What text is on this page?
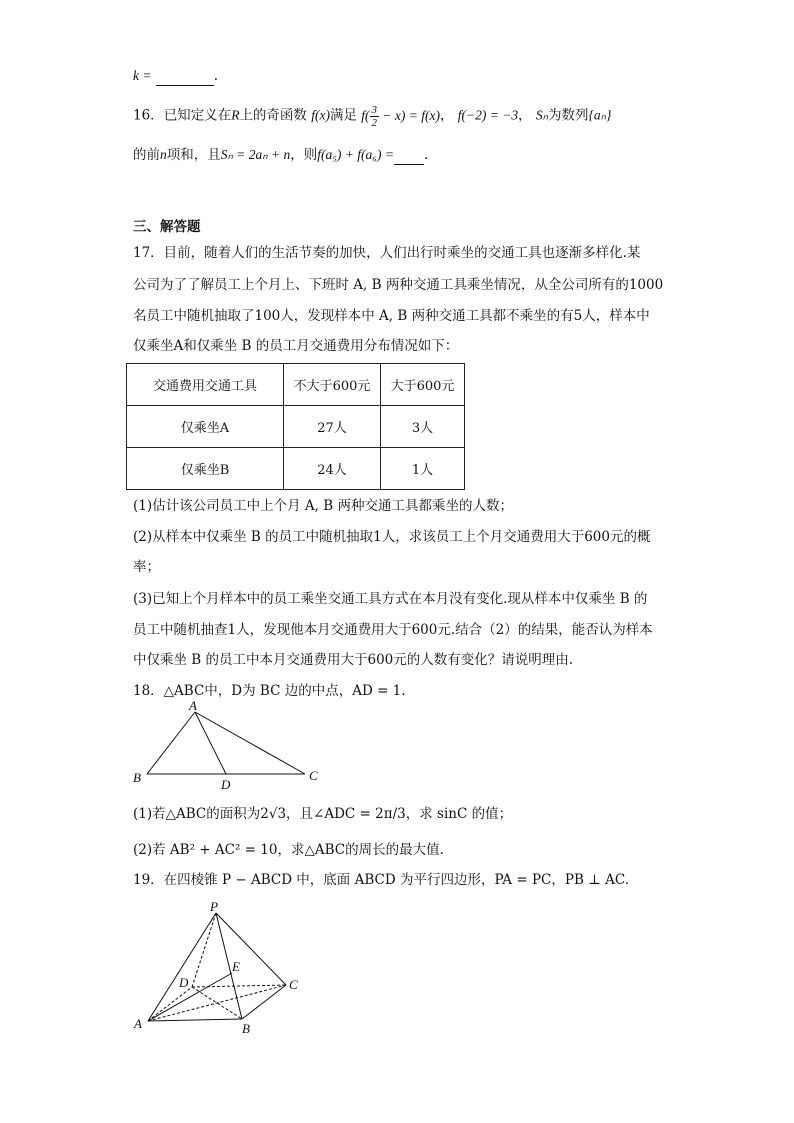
k =	.
16．已知定义在R上的奇函数 f(x)满足 $f( \frac{3}{2} - x) = f(x)$， f(−2) = −3， Sₙ为数列{aₙ}
的前n项和，且Sₙ = 2aₙ + n，则f(a₅) + f(a₆) = .
三、解答题
17．目前，随着人们的生活节奏的加快，人们出行时乘坐的交通工具也逐渐多样化.某
公司为了了解员工上个月上、下班时 A, B 两种交通工具乘坐情况，从全公司所有的1000
名员工中随机抽取了100人，发现样本中 A, B 两种交通工具都不乘坐的有5人，样本中
仅乘坐A和仅乘坐 B 的员工月交通费用分布情况如下：
交通费用交通工具	不大于600元	大于600元
仅乘坐A	27人	3人
仅乘坐B	24人	1人
(1)估计该公司员工中上个月 A, B 两种交通工具都乘坐的人数；
(2)从样本中仅乘坐 B 的员工中随机抽取1人，求该员工上个月交通费用大于600元的概
率；
(3)已知上个月样本中的员工乘坐交通工具方式在本月没有变化.现从样本中仅乘坐 B 的
员工中随机抽查1人，发现他本月交通费用大于600元.结合（2）的结果，能否认为样本
中仅乘坐 B 的员工中本月交通费用大于600元的人数有变化？请说明理由.
18．△ABC中，D为 BC 边的中点，AD = 1.
A
B	C
D
(1)若△ABC的面积为2√3，且∠ADC = 2π/3，求 sinC 的值；
(2)若 AB² + AC² = 10，求△ABC的周长的最大值.
19．在四棱锥 P − ABCD 中，底面 ABCD 为平行四边形，PA = PC，PB ⊥ AC.
P
E
D	C
A	B
